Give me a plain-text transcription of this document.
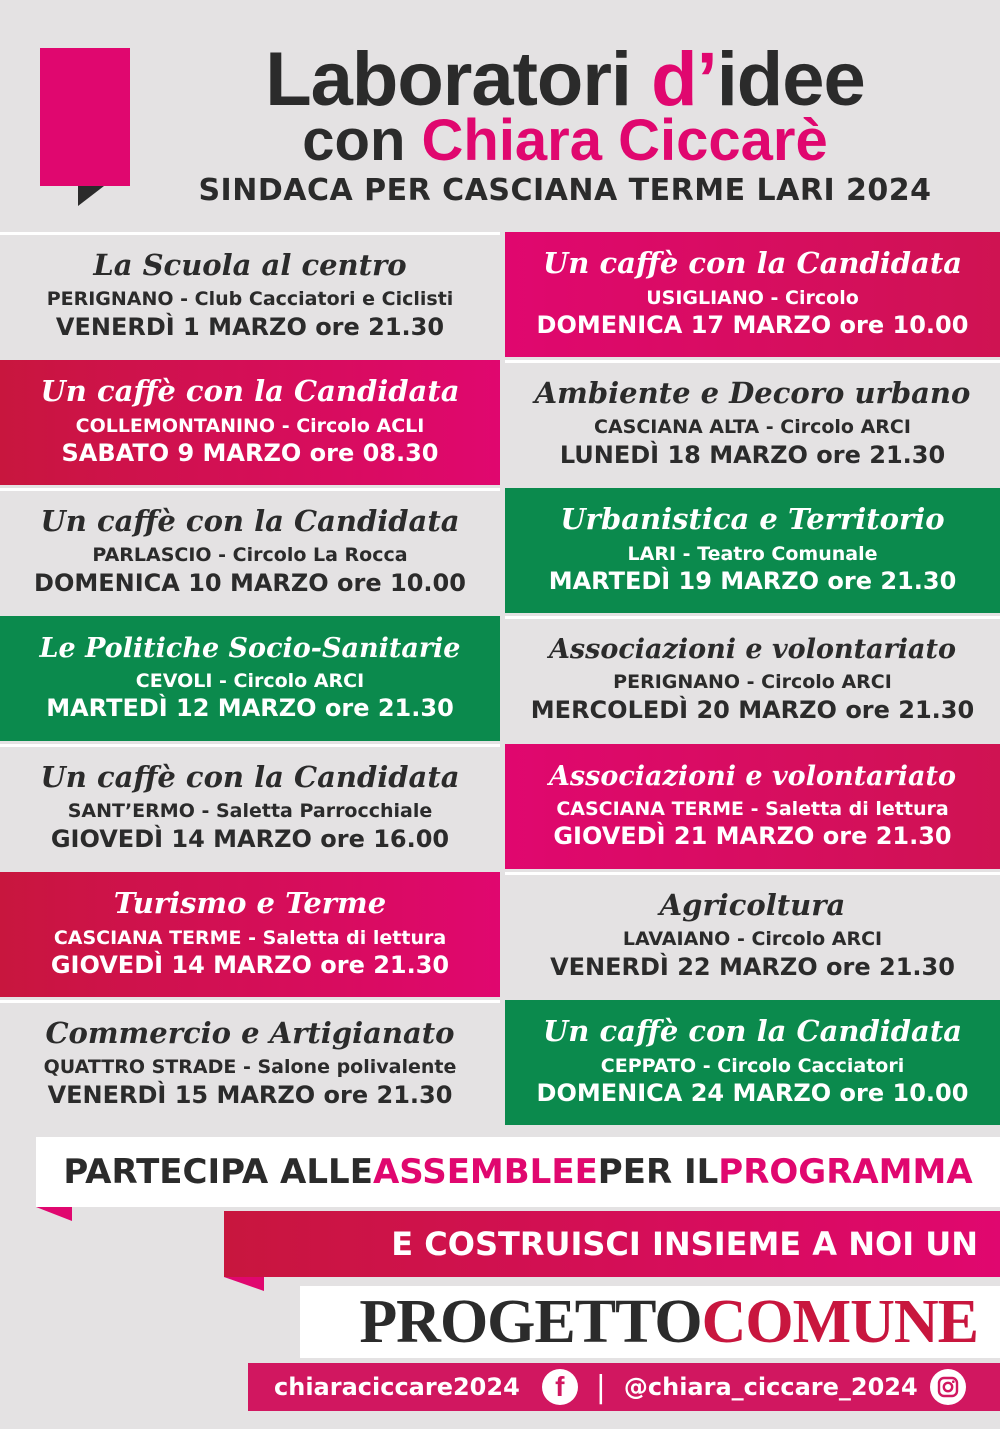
Laboratori d’idee
con Chiara Ciccarè
SINDACA PER CASCIANA TERME LARI 2024
La Scuola al centro
PERIGNANO - Club Cacciatori e Ciclisti
VENERDÌ 1 MARZO ore 21.30
Un caffè con la Candidata
COLLEMONTANINO - Circolo ACLI
SABATO 9 MARZO ore 08.30
Un caffè con la Candidata
PARLASCIO - Circolo La Rocca
DOMENICA 10 MARZO ore 10.00
Le Politiche Socio-Sanitarie
CEVOLI - Circolo ARCI
MARTEDÌ 12 MARZO ore 21.30
Un caffè con la Candidata
SANT’ERMO - Saletta Parrocchiale
GIOVEDÌ 14 MARZO ore 16.00
Turismo e Terme
CASCIANA TERME - Saletta di lettura
GIOVEDÌ 14 MARZO ore 21.30
Commercio e Artigianato
QUATTRO STRADE - Salone polivalente
VENERDÌ 15 MARZO ore 21.30
Un caffè con la Candidata
USIGLIANO - Circolo
DOMENICA 17 MARZO ore 10.00
Ambiente e Decoro urbano
CASCIANA ALTA - Circolo ARCI
LUNEDÌ 18 MARZO ore 21.30
Urbanistica e Territorio
LARI - Teatro Comunale
MARTEDÌ 19 MARZO ore 21.30
Associazioni e volontariato
PERIGNANO - Circolo ARCI
MERCOLEDÌ 20 MARZO ore 21.30
Associazioni e volontariato
CASCIANA TERME - Saletta di lettura
GIOVEDÌ 21 MARZO ore 21.30
Agricoltura
LAVAIANO - Circolo ARCI
VENERDÌ 22 MARZO ore 21.30
Un caffè con la Candidata
CEPPATO - Circolo Cacciatori
DOMENICA 24 MARZO ore 10.00
PARTECIPA ALLE ASSEMBLEE PER IL PROGRAMMA
E COSTRUISCI INSIEME A NOI UN
PROGETTO COMUNE
chiaraciccare2024	f	| @chiara_ciccare_2024
